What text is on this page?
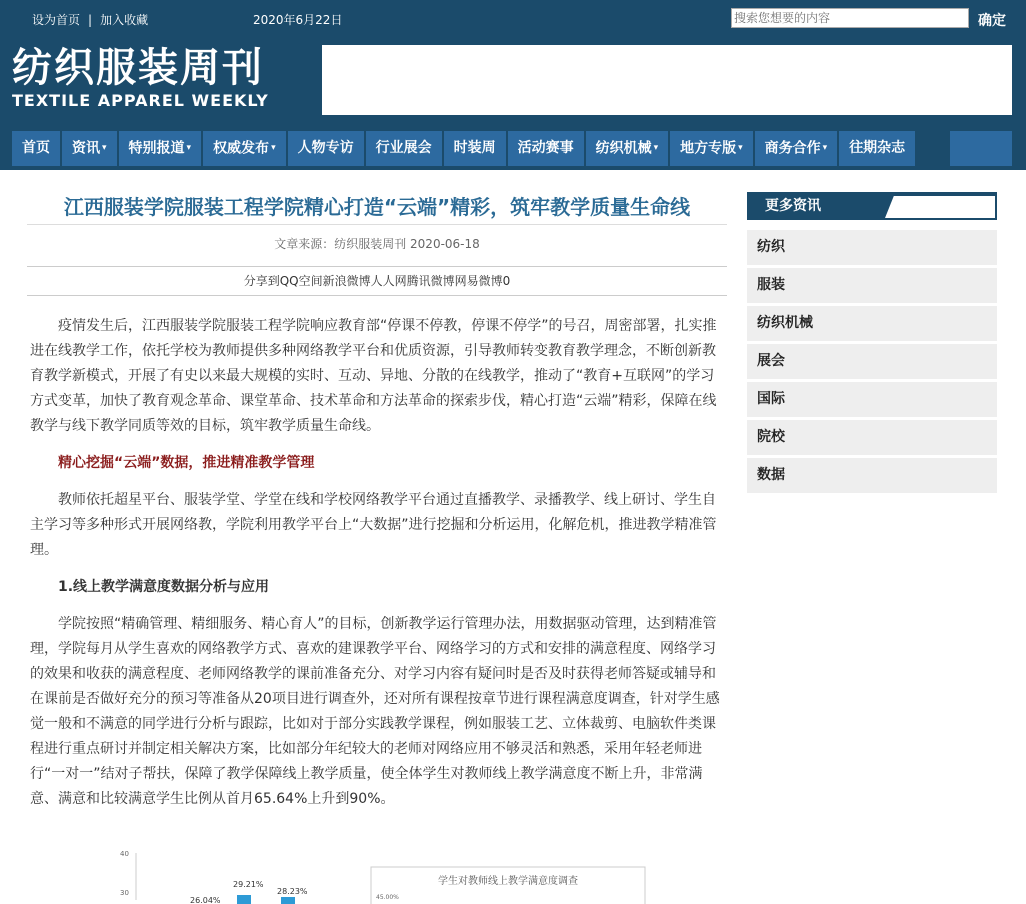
设为首页 | 加入收藏	2020年6月22日
搜索您想要的内容	确定
纺织服装周刊
TEXTILE APPAREL WEEKLY
首页	资讯 ▾	特别报道 ▾	权威发布 ▾	人物专访	行业展会	时装周	活动赛事	纺织机械 ▾	地方专版 ▾	商务合作 ▾	往期杂志
江西服装学院服装工程学院精心打造“云端”精彩，筑牢教学质量生命线
文章来源：纺织服装周刊 2020-06-18
分享到QQ空间新浪微博人人网腾讯微博网易微博0

疫情发生后，江西服装学院服装工程学院响应教育部“停课不停教，停课不停学”的号召，周密部署，扎实推进在线教学工作，依托学校为教师提供多种网络教学平台和优质资源，引导教师转变教育教学理念，不断创新教育教学新模式，开展了有史以来最大规模的实时、互动、异地、分散的在线教学，推动了“教育+互联网”的学习方式变革，加快了教育观念革命、课堂革命、技术革命和方法革命的探索步伐，精心打造“云端”精彩，保障在线教学与线下教学同质等效的目标，筑牢教学质量生命线。

精心挖掘“云端”数据，推进精准教学管理

教师依托超星平台、服装学堂、学堂在线和学校网络教学平台通过直播教学、录播教学、线上研讨、学生自主学习等多种形式开展网络教，学院利用教学平台上“大数据”进行挖掘和分析运用，化解危机，推进教学精准管理。

1.线上教学满意度数据分析与应用

学院按照“精确管理、精细服务、精心育人”的目标，创新教学运行管理办法，用数据驱动管理，达到精准管理，学院每月从学生喜欢的网络教学方式、喜欢的建课教学平台、网络学习的方式和安排的满意程度、网络学习的效果和收获的满意程度、老师网络教学的课前准备充分、对学习内容有疑问时是否及时获得老师答疑或辅导和在课前是否做好充分的预习等准备从20项目进行调查外，还对所有课程按章节进行课程满意度调查，针对学生感觉一般和不满意的同学进行分析与跟踪，比如对于部分实践教学课程，例如服装工艺、立体裁剪、电脑软件类课程进行重点研讨并制定相关解决方案，比如部分年纪较大的老师对网络应用不够灵活和熟悉，采用年轻老师进行“一对一”结对子帮扶，保障了教学保障线上教学质量，使全体学生对教师线上教学满意度不断上升，非常满意、满意和比较满意学生比例从首月65.64%上升到90%。

40
30
26.04%
29.21%
28.23%
学生对教师线上教学满意度调查
45.00%
更多资讯
纺织
服装
纺织机械
展会
国际
院校
数据
